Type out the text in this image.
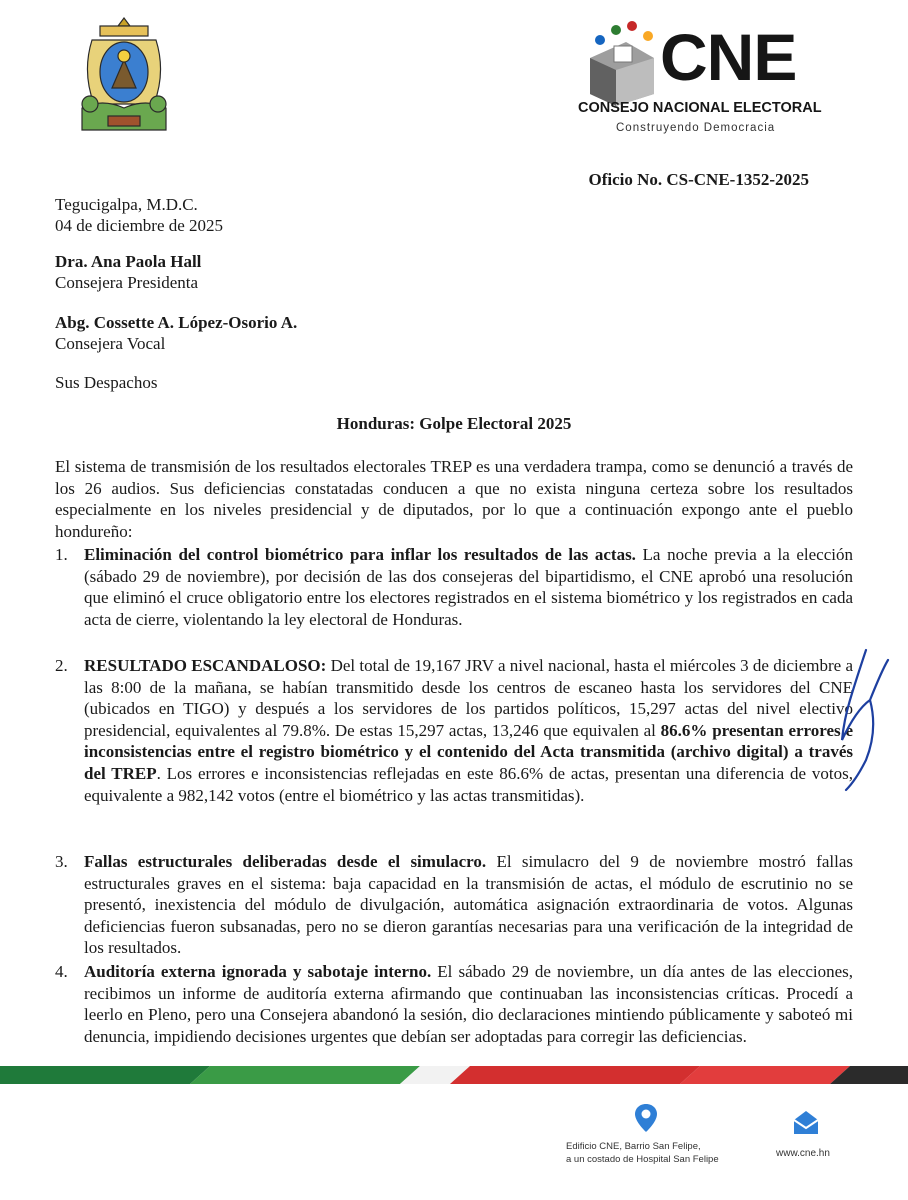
CNE
CONSEJO NACIONAL ELECTORAL
Construyendo Democracia
Oficio No. CS-CNE-1352-2025
Tegucigalpa, M.D.C.
04 de diciembre de 2025
Dra. Ana Paola Hall
Consejera Presidenta
Abg. Cossette A. López-Osorio A.
Consejera Vocal
Sus Despachos
Honduras: Golpe Electoral 2025
El sistema de transmisión de los resultados electorales TREP es una verdadera trampa, como se denunció a través de los 26 audios. Sus deficiencias constatadas conducen a que no exista ninguna certeza sobre los resultados especialmente en los niveles presidencial y de diputados, por lo que a continuación expongo ante el pueblo hondureño:
1. Eliminación del control biométrico para inflar los resultados de las actas. La noche previa a la elección (sábado 29 de noviembre), por decisión de las dos consejeras del bipartidismo, el CNE aprobó una resolución que eliminó el cruce obligatorio entre los electores registrados en el sistema biométrico y los registrados en cada acta de cierre, violentando la ley electoral de Honduras.
2. RESULTADO ESCANDALOSO: Del total de 19,167 JRV a nivel nacional, hasta el miércoles 3 de diciembre a las 8:00 de la mañana, se habían transmitido desde los centros de escaneo hasta los servidores del CNE (ubicados en TIGO) y después a los servidores de los partidos políticos, 15,297 actas del nivel electivo presidencial, equivalentes al 79.8%. De estas 15,297 actas, 13,246 que equivalen al 86.6% presentan errores e inconsistencias entre el registro biométrico y el contenido del Acta transmitida (archivo digital) a través del TREP. Los errores e inconsistencias reflejadas en este 86.6% de actas, presentan una diferencia de votos, equivalente a 982,142 votos (entre el biométrico y las actas transmitidas).
3. Fallas estructurales deliberadas desde el simulacro. El simulacro del 9 de noviembre mostró fallas estructurales graves en el sistema: baja capacidad en la transmisión de actas, el módulo de escrutinio no se presentó, inexistencia del módulo de divulgación, automática asignación extraordinaria de votos. Algunas deficiencias fueron subsanadas, pero no se dieron garantías necesarias para una verificación de la integridad de los resultados.
4. Auditoría externa ignorada y sabotaje interno. El sábado 29 de noviembre, un día antes de las elecciones, recibimos un informe de auditoría externa afirmando que continuaban las inconsistencias críticas. Procedí a leerlo en Pleno, pero una Consejera abandonó la sesión, dio declaraciones mintiendo públicamente y saboteó mi denuncia, impidiendo decisiones urgentes que debían ser adoptadas para corregir las deficiencias.
Edificio CNE, Barrio San Felipe,
a un costado de Hospital San Felipe
www.cne.hn
